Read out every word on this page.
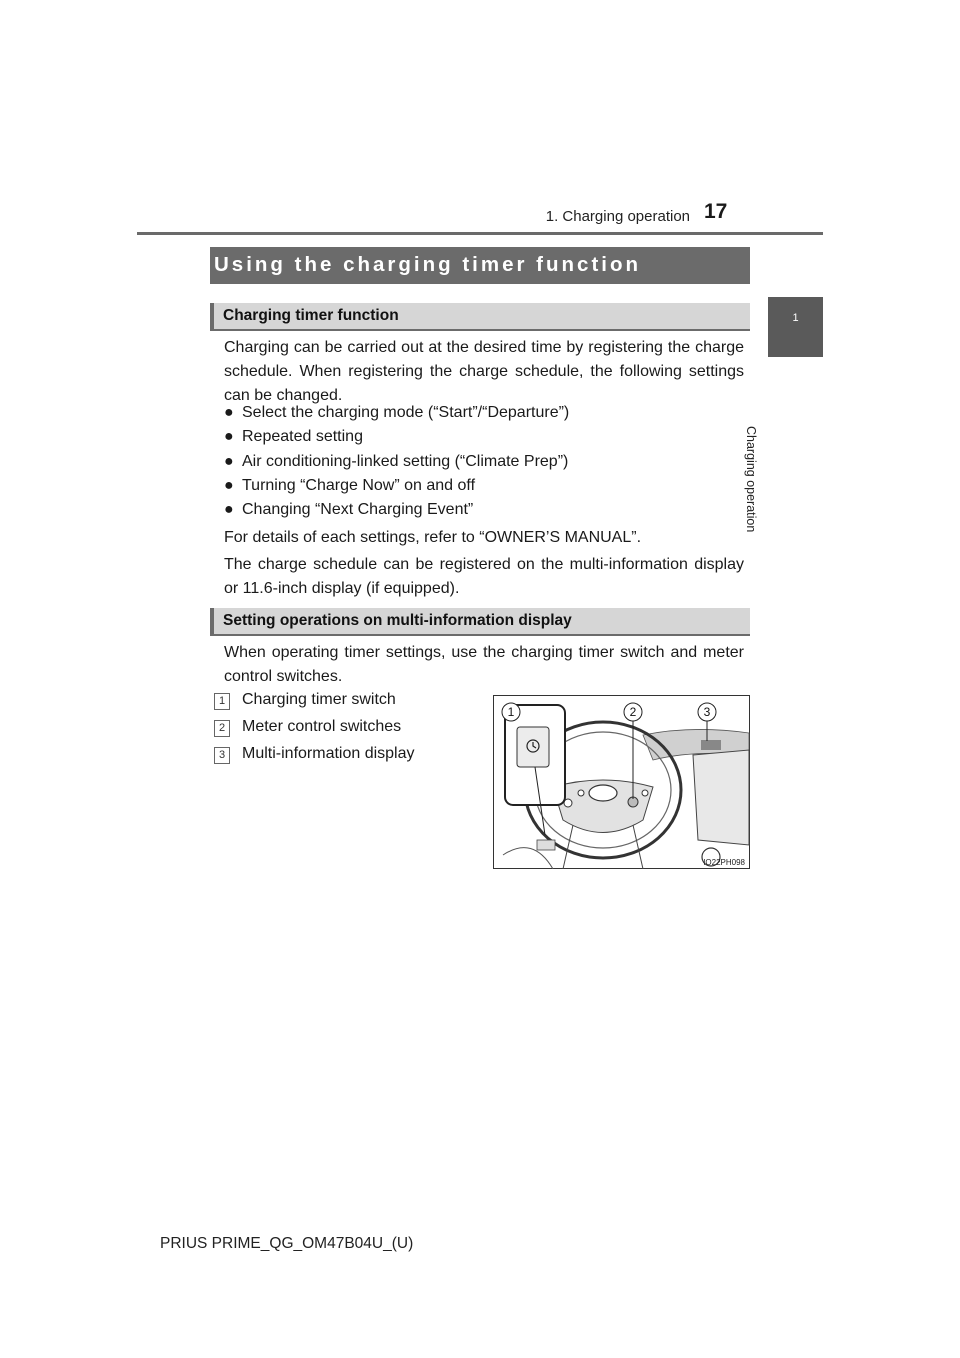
1. Charging operation 17
1
Charging operation
Using the charging timer function
Charging timer function
Charging can be carried out at the desired time by registering the charge schedule. When registering the charge schedule, the following settings can be changed.
● Select the charging mode (“Start”/“Departure”)
● Repeated setting
● Air conditioning-linked setting (“Climate Prep”)
● Turning “Charge Now” on and off
● Changing “Next Charging Event”
For details of each settings, refer to “OWNER’S MANUAL”.
The charge schedule can be registered on the multi-information display or 11.6-inch display (if equipped).
Setting operations on multi-information display
When operating timer settings, use the charging timer switch and meter control switches.
1	Charging timer switch
2	Meter control switches
3	Multi-information display
1	2	3
IO22PH098
PRIUS PRIME_QG_OM47B04U_(U)
